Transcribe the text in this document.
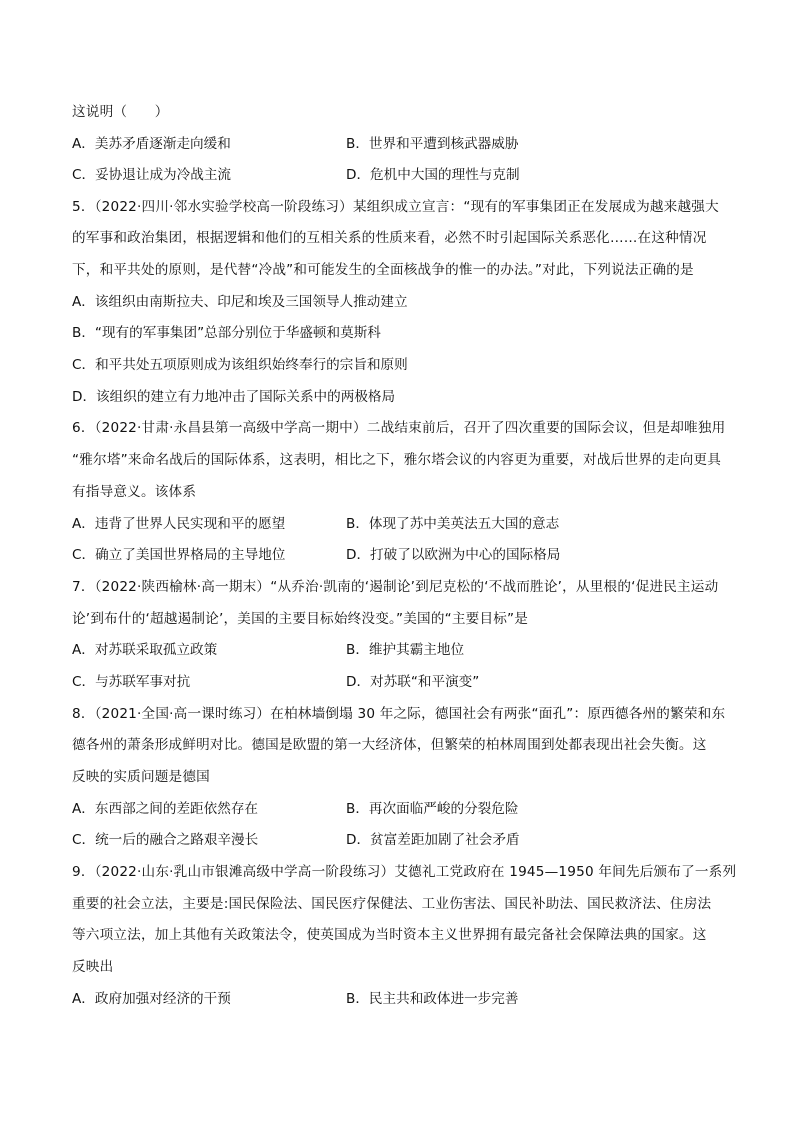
这说明（　　）
A．美苏矛盾逐渐走向缓和	B．世界和平遭到核武器威胁
C．妥协退让成为冷战主流	D．危机中大国的理性与克制
5．（2022·四川·邻水实验学校高一阶段练习）某组织成立宣言：“现有的军事集团正在发展成为越来越强大
的军事和政治集团，根据逻辑和他们的互相关系的性质来看，必然不时引起国际关系恶化……在这种情况
下，和平共处的原则，是代替“冷战”和可能发生的全面核战争的惟一的办法。”对此，下列说法正确的是
A．该组织由南斯拉夫、印尼和埃及三国领导人推动建立
B．“现有的军事集团”总部分别位于华盛顿和莫斯科
C．和平共处五项原则成为该组织始终奉行的宗旨和原则
D．该组织的建立有力地冲击了国际关系中的两极格局
6．（2022·甘肃·永昌县第一高级中学高一期中）二战结束前后，召开了四次重要的国际会议，但是却唯独用
“雅尔塔”来命名战后的国际体系，这表明，相比之下，雅尔塔会议的内容更为重要，对战后世界的走向更具
有指导意义。该体系
A．违背了世界人民实现和平的愿望	B．体现了苏中美英法五大国的意志
C．确立了美国世界格局的主导地位	D．打破了以欧洲为中心的国际格局
7．（2022·陕西榆林·高一期末）“从乔治·凯南的‘遏制论’到尼克松的‘不战而胜论’，从里根的‘促进民主运动
论’到布什的‘超越遏制论’，美国的主要目标始终没变。”美国的“主要目标”是
A．对苏联采取孤立政策	B．维护其霸主地位
C．与苏联军事对抗	D．对苏联“和平演变”
8．（2021·全国·高一课时练习）在柏林墙倒塌 30 年之际，德国社会有两张“面孔”：原西德各州的繁荣和东
德各州的萧条形成鲜明对比。德国是欧盟的第一大经济体，但繁荣的柏林周围到处都表现出社会失衡。这
反映的实质问题是德国
A．东西部之间的差距依然存在	B．再次面临严峻的分裂危险
C．统一后的融合之路艰辛漫长	D．贫富差距加剧了社会矛盾
9．（2022·山东·乳山市银滩高级中学高一阶段练习）艾德礼工党政府在 1945—1950 年间先后颁布了一系列
重要的社会立法，主要是:国民保险法、国民医疗保健法、工业伤害法、国民补助法、国民救济法、住房法
等六项立法，加上其他有关政策法令，使英国成为当时资本主义世界拥有最完备社会保障法典的国家。这
反映出
A．政府加强对经济的干预	B．民主共和政体进一步完善
